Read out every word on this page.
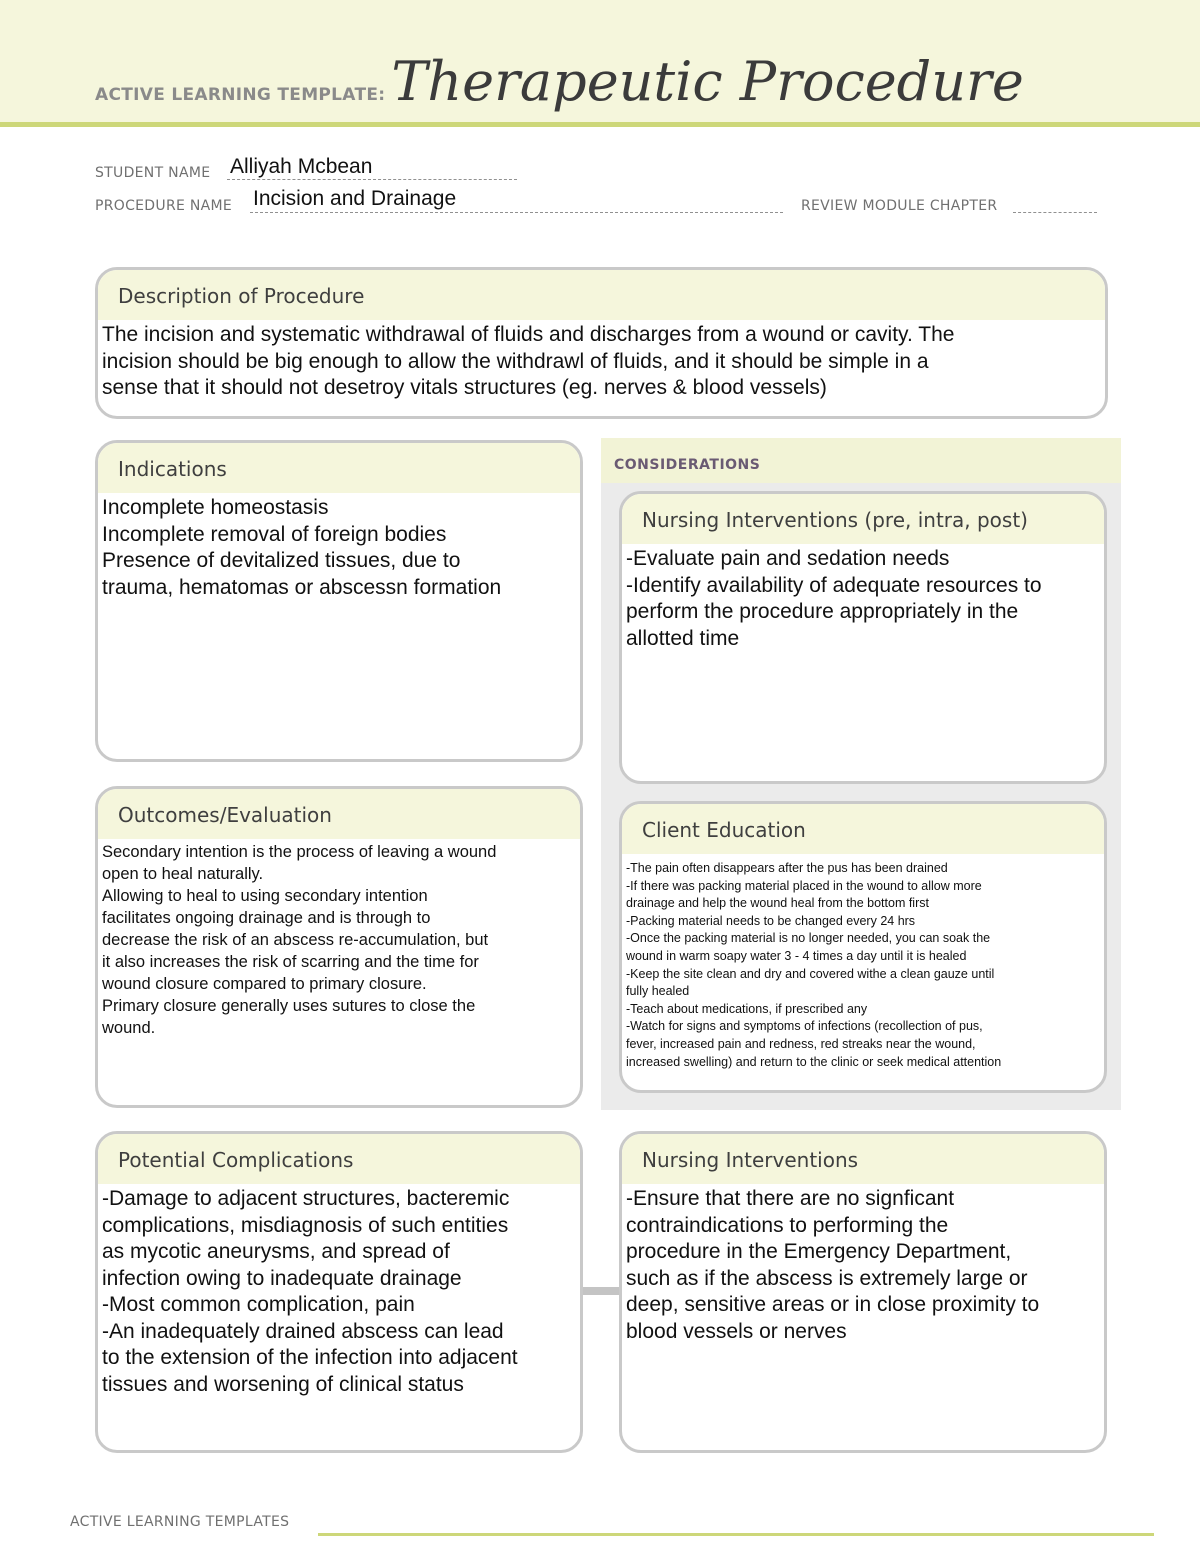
ACTIVE LEARNING TEMPLATE: Therapeutic Procedure
STUDENT NAME Alliyah Mcbean
PROCEDURE NAME Incision and Drainage	REVIEW MODULE CHAPTER
CONSIDERATIONS
Description of Procedure
The incision and systematic withdrawal of fluids and discharges from a wound or cavity. The
incision should be big enough to allow the withdrawl of fluids, and it should be simple in a
sense that it should not desetroy vitals structures (eg. nerves & blood vessels)
Indications
Incomplete homeostasis
Incomplete removal of foreign bodies
Presence of devitalized tissues, due to
trauma, hematomas or abscessn formation
Nursing Interventions (pre, intra, post)
-Evaluate pain and sedation needs
-Identify availability of adequate resources to
perform the procedure appropriately in the
allotted time
Outcomes/Evaluation
Secondary intention is the process of leaving a wound
open to heal naturally.
Allowing to heal to using secondary intention
facilitates ongoing drainage and is through to
decrease the risk of an abscess re-accumulation, but
it also increases the risk of scarring and the time for
wound closure compared to primary closure.
Primary closure generally uses sutures to close the
wound.
Client Education
-The pain often disappears after the pus has been drained
-If there was packing material placed in the wound to allow more
drainage and help the wound heal from the bottom first
-Packing material needs to be changed every 24 hrs
-Once the packing material is no longer needed, you can soak the
wound in warm soapy water 3 - 4 times a day until it is healed
-Keep the site clean and dry and covered withe a clean gauze until
fully healed
-Teach about medications, if prescribed any
-Watch for signs and symptoms of infections (recollection of pus,
fever, increased pain and redness, red streaks near the wound,
increased swelling) and return to the clinic or seek medical attention
Potential Complications
-Damage to adjacent structures, bacteremic
complications, misdiagnosis of such entities
as mycotic aneurysms, and spread of
infection owing to inadequate drainage
-Most common complication, pain
-An inadequately drained abscess can lead
to the extension of the infection into adjacent
tissues and worsening of clinical status
Nursing Interventions
-Ensure that there are no signficant
contraindications to performing the
procedure in the Emergency Department,
such as if the abscess is extremely large or
deep, sensitive areas or in close proximity to
blood vessels or nerves
ACTIVE LEARNING TEMPLATES
